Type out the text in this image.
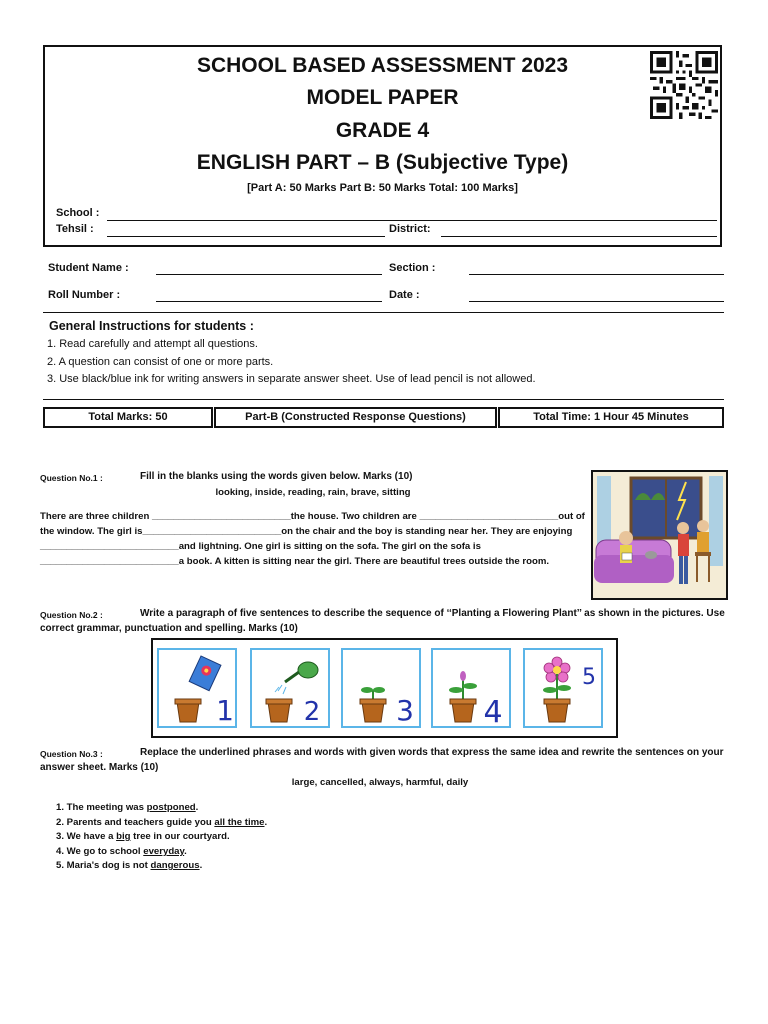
SCHOOL BASED ASSESSMENT 2023
MODEL PAPER
GRADE 4
ENGLISH PART – B (Subjective Type)
[Part A: 50 Marks Part B: 50 Marks Total: 100 Marks]
School :
Tehsil :	District:
Student Name :	Section :
Roll Number :	Date :
General Instructions for students :
1. Read carefully and attempt all questions.
2. A question can consist of one or more parts.
3. Use black/blue ink for writing answers in separate answer sheet. Use of lead pencil is not allowed.
Total Marks: 50	Part-B (Constructed Response Questions)	Total Time: 1 Hour 45 Minutes
Question No.1 :	Fill in the blanks using the words given below. Marks (10)
looking, inside, reading, rain, brave, sitting
There are three children __________________________the house. Two children are __________________________out of
the window. The girl is__________________________on the chair and the boy is standing near her. They are enjoying
__________________________and lightning. One girl is sitting on the sofa. The girl on the sofa is
__________________________a book. A kitten is sitting near the girl. There are beautiful trees outside the room.
Question No.2 :	Write a paragraph of five sentences to describe the sequence of ‘‘Planting a Flowering Plant’’ as shown in the pictures. Use
correct grammar, punctuation and spelling. Marks (10)
1	2	3 4
5
Question No.3 :	Replace the underlined phrases and words with given words that express the same idea and rewrite the sentences on your
answer sheet. Marks (10)
large, cancelled, always, harmful, daily
1. The meeting was postponed.
2. Parents and teachers guide you all the time.
3. We have a big tree in our courtyard.
4. We go to school everyday.
5. Maria's dog is not dangerous.
